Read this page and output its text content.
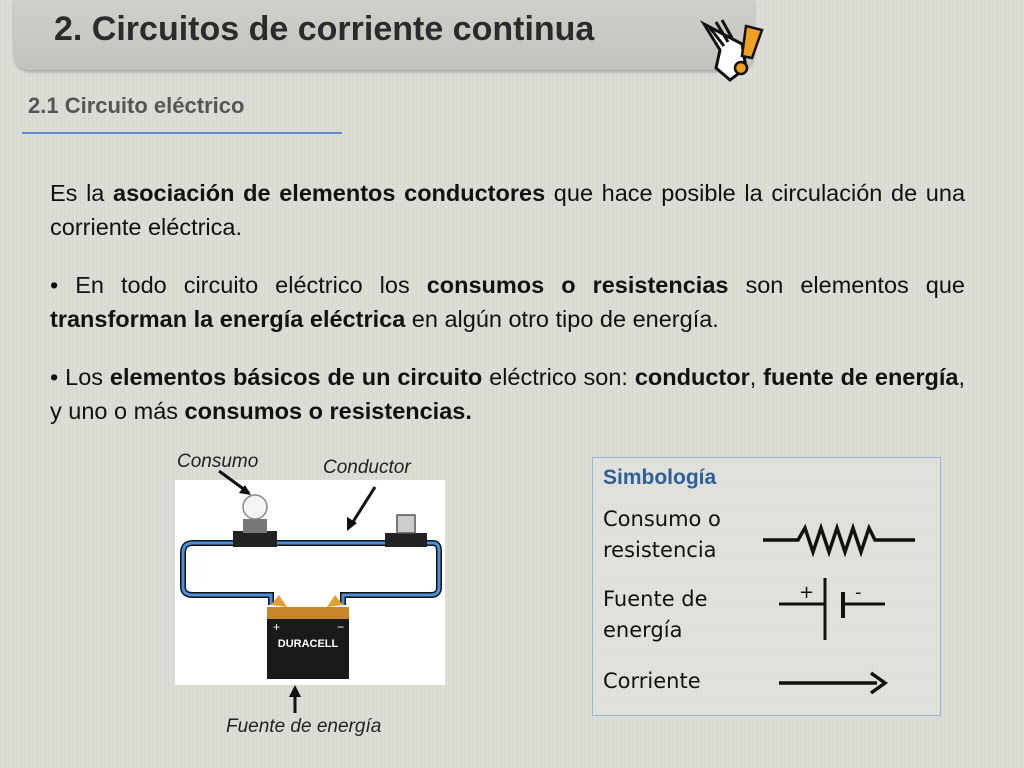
2. Circuitos de corriente continua
2.1 Circuito eléctrico

Es la asociación de elementos conductores que hace posible la circulación de una corriente eléctrica.

• En todo circuito eléctrico los consumos o resistencias son elementos que transforman la energía eléctrica en algún otro tipo de energía.

• Los elementos básicos de un circuito eléctrico son: conductor, fuente de energía, y uno o más consumos o resistencias.

+	−
DURACELL
Consumo	Conductor
Fuente de energía
Simbología
Consumo o resistencia
Fuente de energía
Corriente
+ -
